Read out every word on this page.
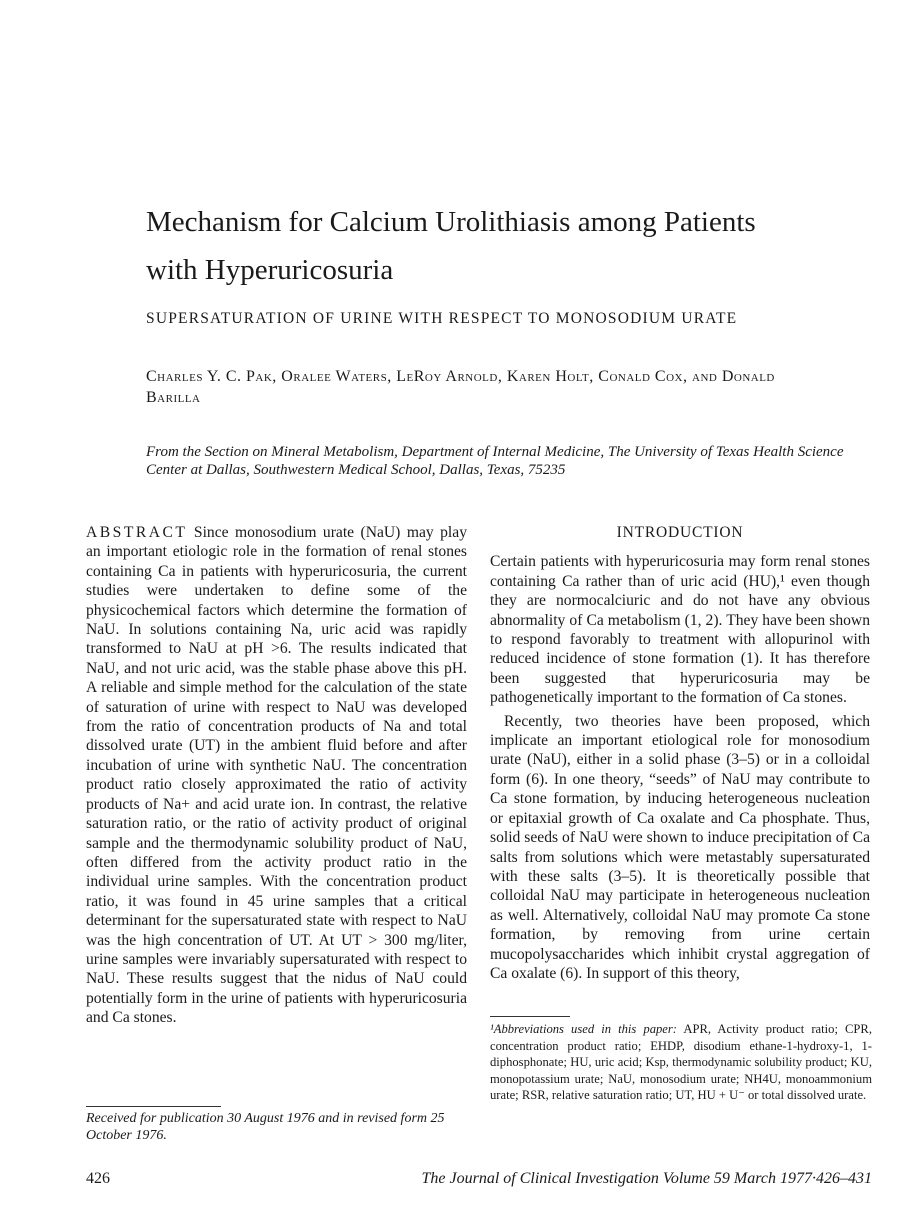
Mechanism for Calcium Urolithiasis among Patients with Hyperuricosuria
SUPERSATURATION OF URINE WITH RESPECT TO MONOSODIUM URATE
Charles Y. C. Pak, Oralee Waters, LeRoy Arnold, Karen Holt, Conald Cox, and Donald Barilla
From the Section on Mineral Metabolism, Department of Internal Medicine, The University of Texas Health Science Center at Dallas, Southwestern Medical School, Dallas, Texas, 75235

ABSTRACT Since monosodium urate (NaU) may play an important etiologic role in the formation of renal stones containing Ca in patients with hyperuricosuria, the current studies were undertaken to define some of the physicochemical factors which determine the formation of NaU. In solutions containing Na, uric acid was rapidly transformed to NaU at pH >6. The results indicated that NaU, and not uric acid, was the stable phase above this pH. A reliable and simple method for the calculation of the state of saturation of urine with respect to NaU was developed from the ratio of concentration products of Na and total dissolved urate (UT) in the ambient fluid before and after incubation of urine with synthetic NaU. The concentration product ratio closely approximated the ratio of activity products of Na+ and acid urate ion. In contrast, the relative saturation ratio, or the ratio of activity product of original sample and the thermodynamic solubility product of NaU, often differed from the activity product ratio in the individual urine samples. With the concentration product ratio, it was found in 45 urine samples that a critical determinant for the supersaturated state with respect to NaU was the high concentration of UT. At UT > 300 mg/liter, urine samples were invariably supersaturated with respect to NaU. These results suggest that the nidus of NaU could potentially form in the urine of patients with hyperuricosuria and Ca stones.

Received for publication 30 August 1976 and in revised form 25 October 1976.
INTRODUCTION

Certain patients with hyperuricosuria may form renal stones containing Ca rather than of uric acid (HU),¹ even though they are normocalciuric and do not have any obvious abnormality of Ca metabolism (1, 2). They have been shown to respond favorably to treatment with allopurinol with reduced incidence of stone formation (1). It has therefore been suggested that hyperuricosuria may be pathogenetically important to the formation of Ca stones.

Recently, two theories have been proposed, which implicate an important etiological role for monosodium urate (NaU), either in a solid phase (3–5) or in a colloidal form (6). In one theory, “seeds” of NaU may contribute to Ca stone formation, by inducing heterogeneous nucleation or epitaxial growth of Ca oxalate and Ca phosphate. Thus, solid seeds of NaU were shown to induce precipitation of Ca salts from solutions which were metastably supersaturated with these salts (3–5). It is theoretically possible that colloidal NaU may participate in heterogeneous nucleation as well. Alternatively, colloidal NaU may promote Ca stone formation, by removing from urine certain mucopolysaccharides which inhibit crystal aggregation of Ca oxalate (6). In support of this theory,

¹Abbreviations used in this paper: APR, Activity product ratio; CPR, concentration product ratio; EHDP, disodium ethane-1-hydroxy-1, 1-diphosphonate; HU, uric acid; Ksp, thermodynamic solubility product; KU, monopotassium urate; NaU, monosodium urate; NH4U, monoammonium urate; RSR, relative saturation ratio; UT, HU + U⁻ or total dissolved urate.
426	The Journal of Clinical Investigation Volume 59 March 1977·426–431
